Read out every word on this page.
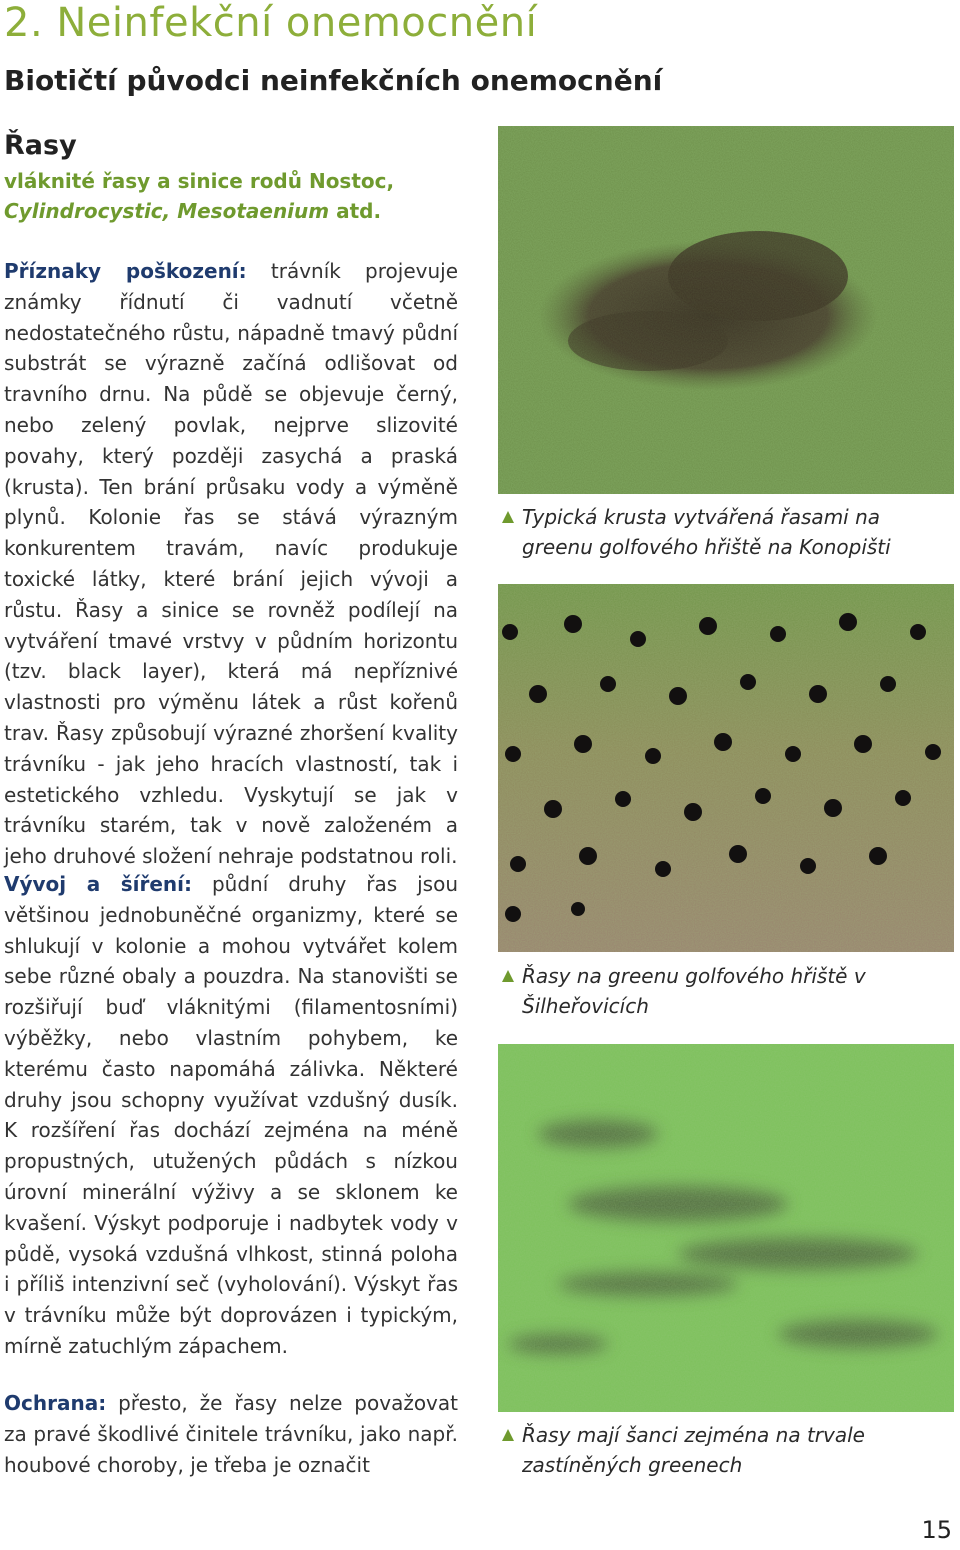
2. Neinfekční onemocnění
Biotičtí původci neinfekčních onemocnění
Řasy
vláknité řasy a sinice rodů Nostoc,
Cylindrocystic, Mesotaenium atd.
Příznaky poškození: trávník projevuje známky řídnutí či vadnutí včetně nedostatečného růstu, nápadně tmavý půdní substrát se výrazně začíná odlišovat od travního drnu. Na půdě se objevuje černý, nebo zelený povlak, nejprve slizovité povahy, který později zasychá a praská (krusta). Ten brání průsaku vody a výměně plynů. Kolonie řas se stává výrazným konkurentem travám, navíc produkuje toxické látky, které brání jejich vývoji a růstu. Řasy a sinice se rovněž podílejí na vytváření tmavé vrstvy v půdním horizontu (tzv. black layer), která má nepříznivé vlastnosti pro výměnu látek a růst kořenů trav. Řasy způsobují výrazné zhoršení kvality trávníku - jak jeho hracích vlastností, tak i estetického vzhledu. Vyskytují se jak v trávníku starém, tak v nově založeném a jeho druhové složení nehraje podstatnou roli.
Vývoj a šíření: půdní druhy řas jsou většinou jednobuněčné organizmy, které se shlukují v kolonie a mohou vytvářet kolem sebe různé obaly a pouzdra. Na stanovišti se rozšiřují buď vláknitými (filamentosními) výběžky, nebo vlastním pohybem, ke kterému často napomáhá zálivka. Některé druhy jsou schopny využívat vzdušný dusík. K rozšíření řas dochází zejména na méně propustných, utužených půdách s nízkou úrovní minerální výživy a se sklonem ke kvašení. Výskyt podporuje i nadbytek vody v půdě, vysoká vzdušná vlhkost, stinná poloha i příliš intenzivní seč (vyholování). Výskyt řas v trávníku může být doprovázen i typickým, mírně zatuchlým zápachem.
Ochrana: přesto, že řasy nelze považovat za pravé škodlivé činitele trávníku, jako např. houbové choroby, je třeba je označit
Typická krusta vytvářená řasami na greenu golfového hřiště na Konopišti
Řasy na greenu golfového hřiště v Šilheřovicích
Řasy mají šanci zejména na trvale zastíněných greenech
15
